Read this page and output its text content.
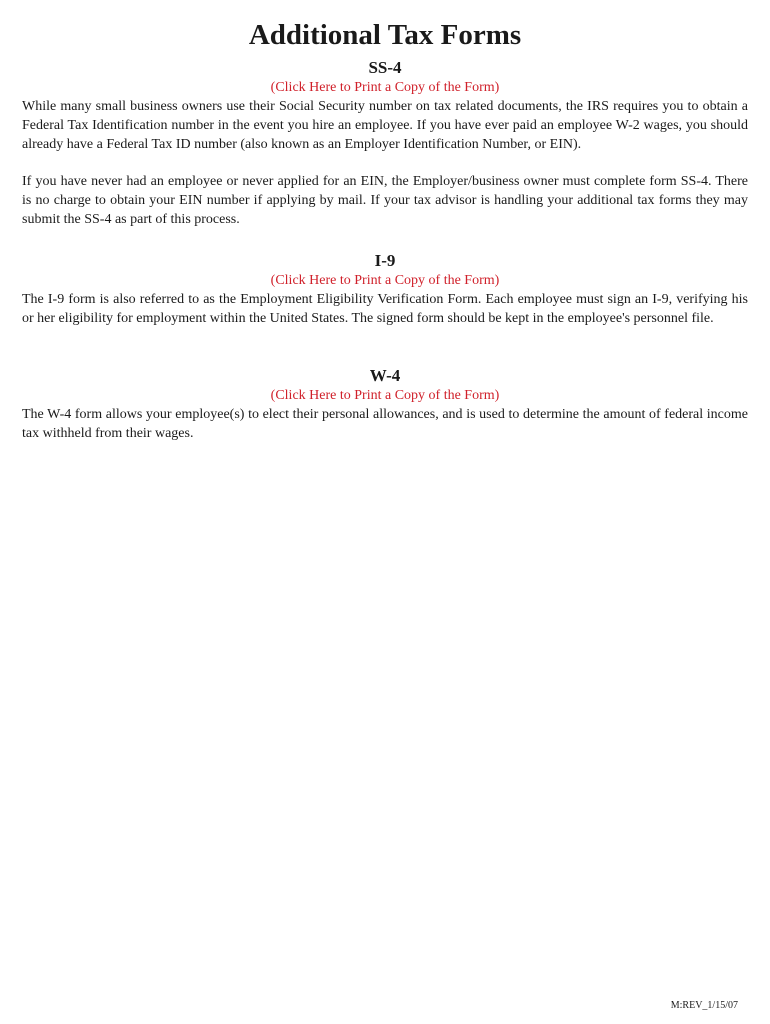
Additional Tax Forms
SS-4
(Click Here to Print a Copy of the Form)

While many small business owners use their Social Security number on tax related documents, the IRS requires you to obtain a Federal Tax Identification number in the event you hire an employee. If you have ever paid an employee W-2 wages, you should already have a Federal Tax ID number (also known as an Employer Identification Number, or EIN).

If you have never had an employee or never applied for an EIN, the Employer/business owner must complete form SS-4. There is no charge to obtain your EIN number if applying by mail. If your tax advisor is handling your additional tax forms they may submit the SS-4 as part of this process.

I-9
(Click Here to Print a Copy of the Form)

The I-9 form is also referred to as the Employment Eligibility Verification Form. Each employee must sign an I-9, verifying his or her eligibility for employment within the United States. The signed form should be kept in the employee's personnel file.

W-4
(Click Here to Print a Copy of the Form)

The W-4 form allows your employee(s) to elect their personal allowances, and is used to determine the amount of federal income tax withheld from their wages.

M:REV_1/15/07
